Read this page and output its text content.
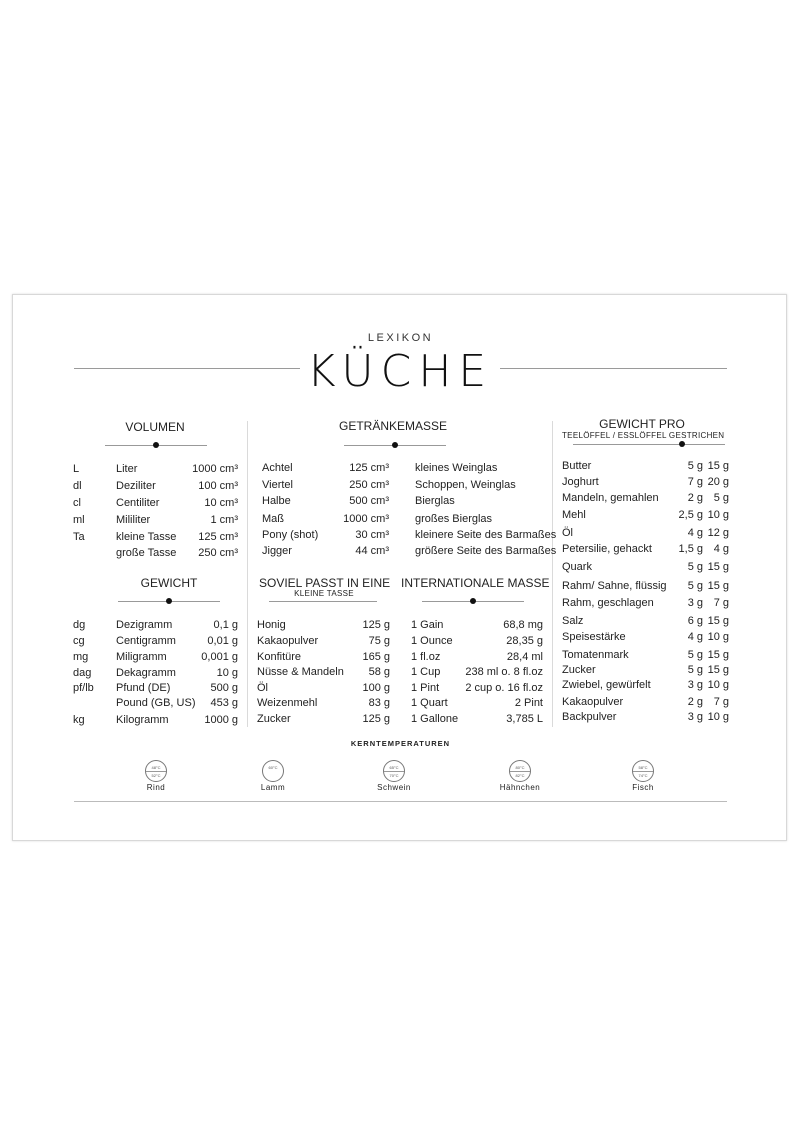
LEXIKON
KÜCHE
VOLUMEN
L	Liter	1000 cm³
dl	Deziliter	100 cm³
cl	Centiliter	10 cm³
ml	Mililiter	1 cm³
Ta	kleine Tasse	125 cm³
große Tasse	250 cm³
GEWICHT
dg	Dezigramm	0,1 g
cg	Centigramm	0,01 g
mg	Miligramm	0,001 g
dag Dekagramm	10 g
pf/lb Pfund (DE)	500 g
Pound (GB, US)	453 g
kg	Kilogramm	1000 g
GETRÄNKEMASSE
Achtel	125 cm³ kleines Weinglas
Viertel	250 cm³ Schoppen, Weinglas
Halbe	500 cm³ Bierglas
Maß	1000 cm³ großes Bierglas
Pony (shot)	30 cm³ kleinere Seite des Barmaßes
Jigger	44 cm³ größere Seite des Barmaßes
SOVIEL PASST IN EINE
KLEINE TASSE
INTERNATIONALE MASSE
Honig	125 g
Kakaopulver	75 g
Konfitüre	165 g
Nüsse & Mandeln	58 g
Öl	100 g
Weizenmehl	83 g
Zucker	125 g
1 Gain	68,8 mg
1 Ounce	28,35 g
1 fl.oz	28,4 ml
1 Cup	238 ml o. 8 fl.oz
1 Pint	2 cup o. 16 fl.oz
1 Quart	2 Pint
1 Gallone	3,785 L
GEWICHT PRO
TEELÖFFEL / ESSLÖFFEL GESTRICHEN
Butter	5 g 15 g
Joghurt	7 g 20 g
Mandeln, gemahlen	2 g 5 g
Mehl	2,5 g 10 g
Öl	4 g 12 g
Petersilie, gehackt	1,5 g 4 g
Quark	5 g 15 g
Rahm/ Sahne, flüssig	5 g 15 g
Rahm, geschlagen	3 g 7 g
Salz	6 g 15 g
Speisestärke	4 g 10 g
Tomatenmark	5 g 15 g
Zucker	5 g 15 g
Zwiebel, gewürfelt	3 g 10 g
Kakaopulver	2 g 7 g
Backpulver	3 g 10 g
KERNTEMPERATUREN
48°C
52°C
Rind
60°C
Lamm
65°C
70°C
Schwein
80°C
82°C
Hähnchen
58°C
74°C
Fisch
